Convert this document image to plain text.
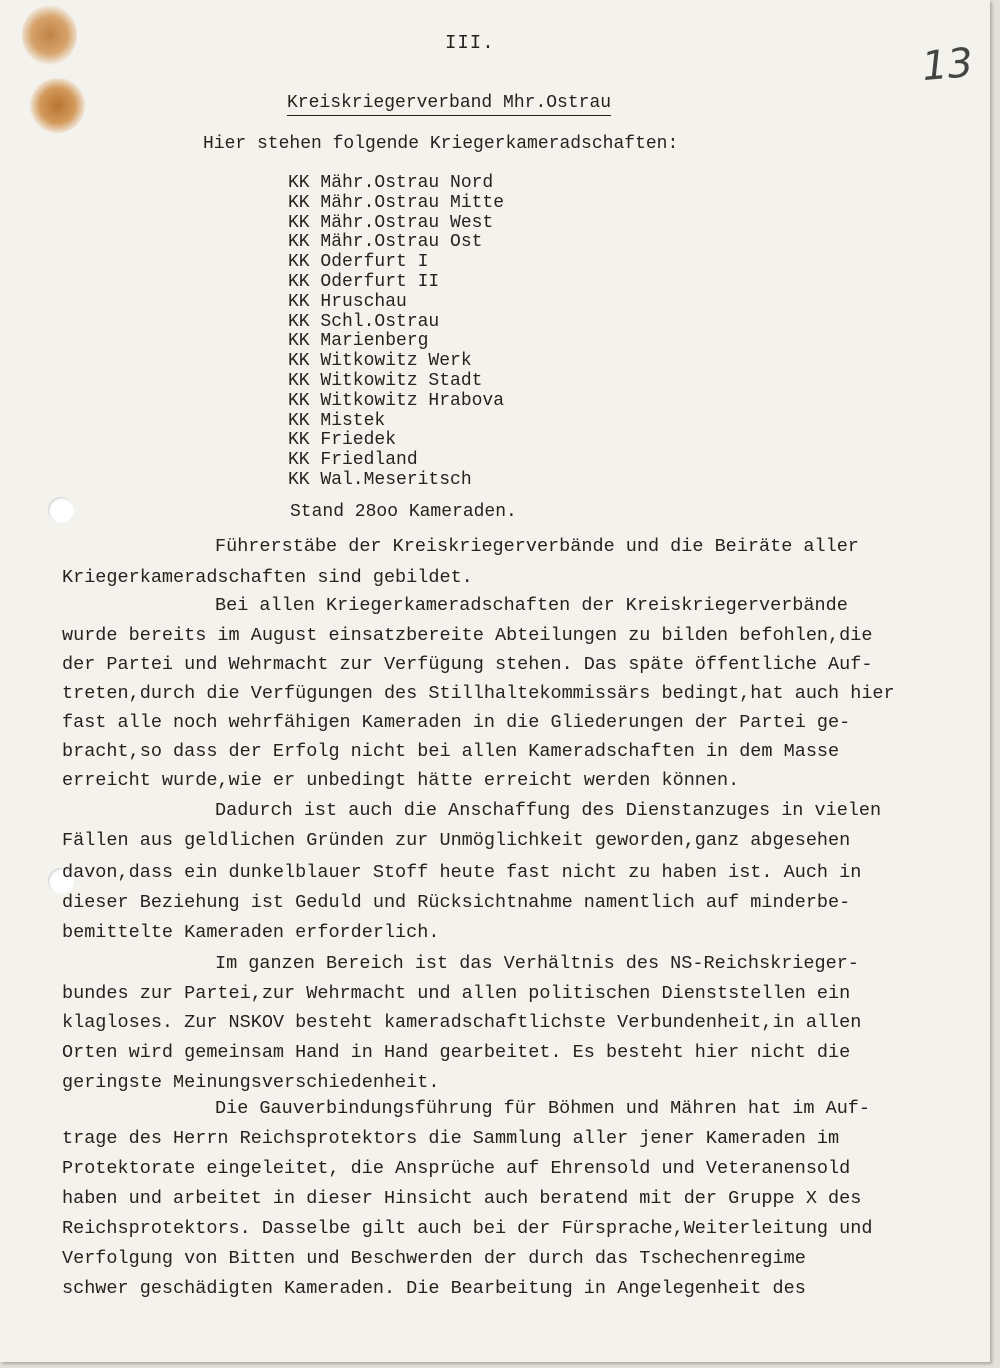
III.	13
Kreiskriegerverband Mhr.Ostrau
Hier stehen folgende Kriegerkameradschaften:
KK Mähr.Ostrau Nord
KK Mähr.Ostrau Mitte
KK Mähr.Ostrau West
KK Mähr.Ostrau Ost
KK Oderfurt I
KK Oderfurt II
KK Hruschau
KK Schl.Ostrau
KK Marienberg
KK Witkowitz Werk
KK Witkowitz Stadt
KK Witkowitz Hrabova
KK Mistek
KK Friedek
KK Friedland
KK Wal.Meseritsch
Stand 28oo Kameraden.
Führerstäbe der Kreiskriegerverbände und die Beiräte aller
Kriegerkameradschaften sind gebildet.
Bei allen Kriegerkameradschaften der Kreiskriegerverbände
wurde bereits im August einsatzbereite Abteilungen zu bilden befohlen,die
der Partei und Wehrmacht zur Verfügung stehen. Das späte öffentliche Auf-
treten,durch die Verfügungen des Stillhaltekommissärs bedingt,hat auch hier
fast alle noch wehrfähigen Kameraden in die Gliederungen der Partei ge-
bracht,so dass der Erfolg nicht bei allen Kameradschaften in dem Masse
erreicht wurde,wie er unbedingt hätte erreicht werden können.
Dadurch ist auch die Anschaffung des Dienstanzuges in vielen
Fällen aus geldlichen Gründen zur Unmöglichkeit geworden,ganz abgesehen
davon,dass ein dunkelblauer Stoff heute fast nicht zu haben ist. Auch in
dieser Beziehung ist Geduld und Rücksichtnahme namentlich auf minderbe-
bemittelte Kameraden erforderlich.
Im ganzen Bereich ist das Verhältnis des NS-Reichskrieger-
bundes zur Partei,zur Wehrmacht und allen politischen Dienststellen ein
klagloses. Zur NSKOV besteht kameradschaftlichste Verbundenheit,in allen
Orten wird gemeinsam Hand in Hand gearbeitet. Es besteht hier nicht die
geringste Meinungsverschiedenheit.
Die Gauverbindungsführung für Böhmen und Mähren hat im Auf-
trage des Herrn Reichsprotektors die Sammlung aller jener Kameraden im
Protektorate eingeleitet, die Ansprüche auf Ehrensold und Veteranensold
haben und arbeitet in dieser Hinsicht auch beratend mit der Gruppe X des
Reichsprotektors. Dasselbe gilt auch bei der Fürsprache,Weiterleitung und
Verfolgung von Bitten und Beschwerden der durch das Tschechenregime
schwer geschädigten Kameraden. Die Bearbeitung in Angelegenheit des
